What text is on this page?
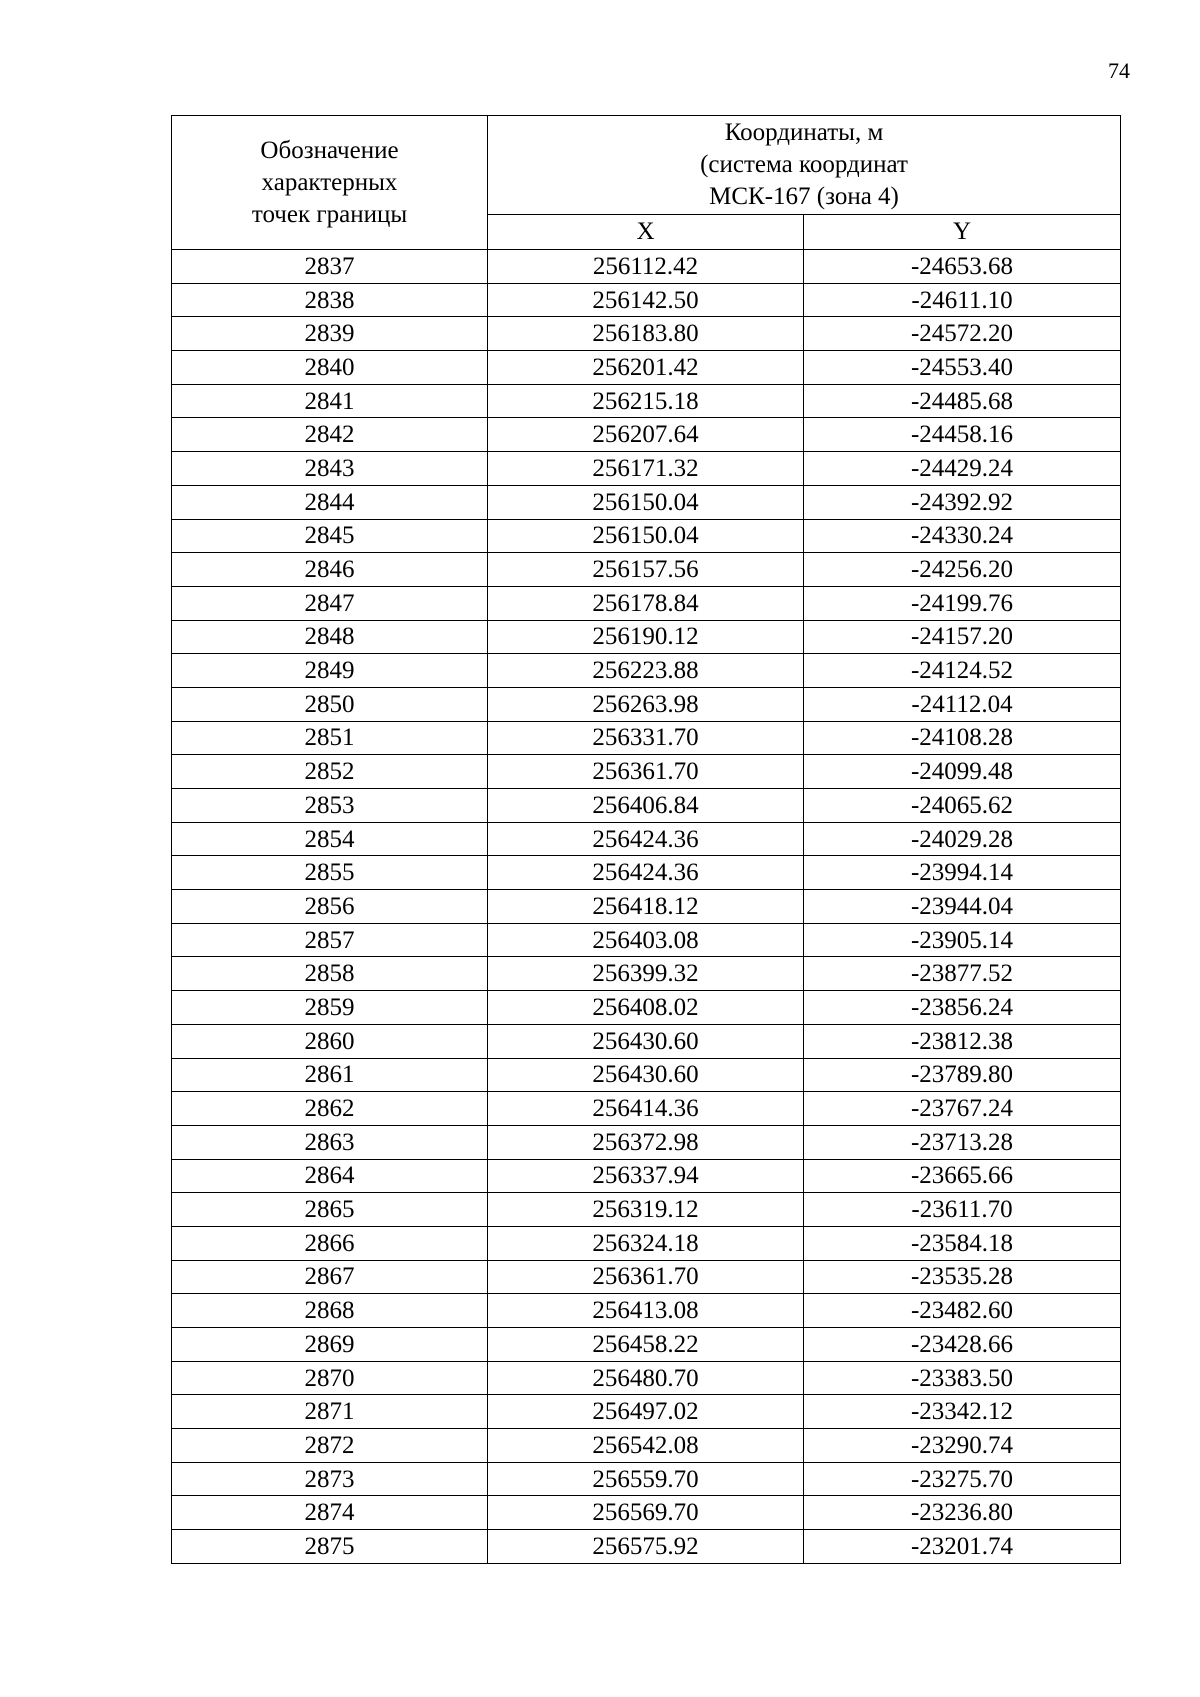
74
Обозначение
характерных
точек границы	Координаты, м
(система координат
МСК-167 (зона 4)	

	X	Y
2837	256112.42	-24653.68
2838	256142.50	-24611.10
2839	256183.80	-24572.20
2840	256201.42	-24553.40
2841	256215.18	-24485.68
2842	256207.64	-24458.16
2843	256171.32	-24429.24
2844	256150.04	-24392.92
2845	256150.04	-24330.24
2846	256157.56	-24256.20
2847	256178.84	-24199.76
2848	256190.12	-24157.20
2849	256223.88	-24124.52
2850	256263.98	-24112.04
2851	256331.70	-24108.28
2852	256361.70	-24099.48
2853	256406.84	-24065.62
2854	256424.36	-24029.28
2855	256424.36	-23994.14
2856	256418.12	-23944.04
2857	256403.08	-23905.14
2858	256399.32	-23877.52
2859	256408.02	-23856.24
2860	256430.60	-23812.38
2861	256430.60	-23789.80
2862	256414.36	-23767.24
2863	256372.98	-23713.28
2864	256337.94	-23665.66
2865	256319.12	-23611.70
2866	256324.18	-23584.18
2867	256361.70	-23535.28
2868	256413.08	-23482.60
2869	256458.22	-23428.66
2870	256480.70	-23383.50
2871	256497.02	-23342.12
2872	256542.08	-23290.74
2873	256559.70	-23275.70
2874	256569.70	-23236.80
2875	256575.92	-23201.74
